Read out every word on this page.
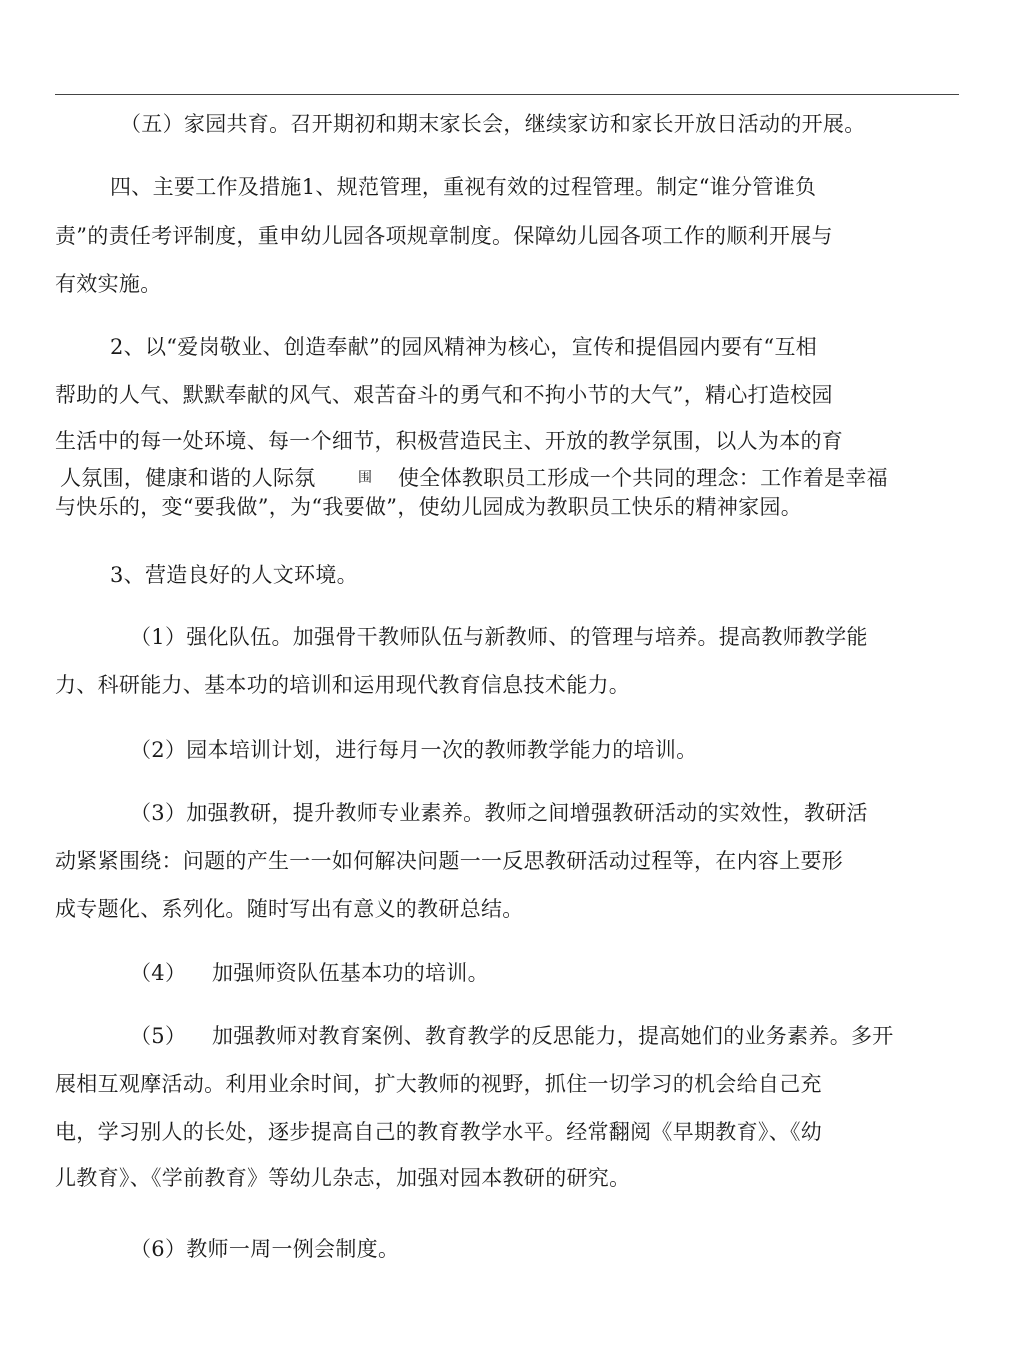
（五）家园共育。召开期初和期末家长会，继续家访和家长开放日活动的开展。
四、主要工作及措施1、规范管理，重视有效的过程管理。制定“谁分管谁负
责”的责任考评制度，重申幼儿园各项规章制度。保障幼儿园各项工作的顺利开展与
有效实施。
2、以“爱岗敬业、创造奉献”的园风精神为核心，宣传和提倡园内要有“互相
帮助的人气、默默奉献的风气、艰苦奋斗的勇气和不拘小节的大气”，精心打造校园
生活中的每一处环境、每一个细节，积极营造民主、开放的教学氛围，以人为本的育
人氛围，健康和谐的人际氛	围 使全体教职员工形成一个共同的理念：工作着是幸福
与快乐的，变“要我做”，为“我要做”，使幼儿园成为教职员工快乐的精神家园。
3、营造良好的人文环境。
（1）强化队伍。加强骨干教师队伍与新教师、的管理与培养。提高教师教学能
力、科研能力、基本功的培训和运用现代教育信息技术能力。
（2）园本培训计划，进行每月一次的教师教学能力的培训。
（3）加强教研，提升教师专业素养。教师之间增强教研活动的实效性，教研活
动紧紧围绕：问题的产生一一如何解决问题一一反思教研活动过程等，在内容上要形
成专题化、系列化。随时写出有意义的教研总结。
（4） 加强师资队伍基本功的培训。
（5） 加强教师对教育案例、教育教学的反思能力，提高她们的业务素养。多开
展相互观摩活动。利用业余时间，扩大教师的视野，抓住一切学习的机会给自己充
电，学习别人的长处，逐步提高自己的教育教学水平。经常翻阅《早期教育》、《幼
儿教育》、《学前教育》等幼儿杂志，加强对园本教研的研究。
（6）教师一周一例会制度。
